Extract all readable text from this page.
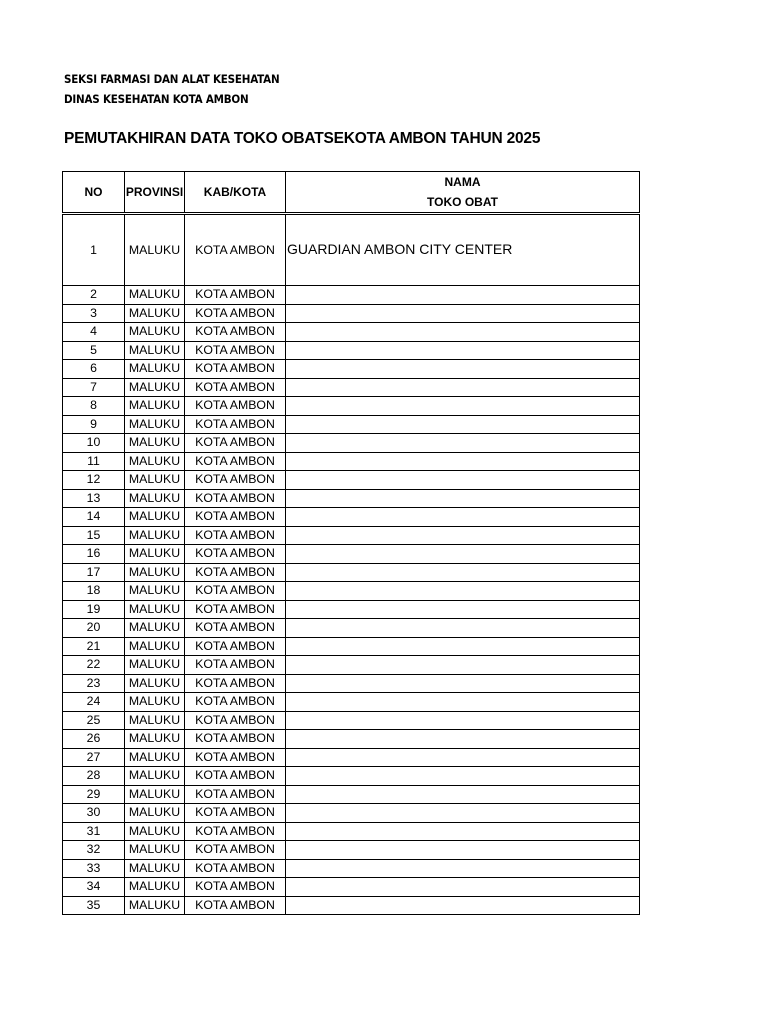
SEKSI FARMASI DAN ALAT KESEHATAN
DINAS KESEHATAN KOTA AMBON
PEMUTAKHIRAN DATA TOKO OBATSEKOTA AMBON TAHUN 2025
NO	PROVINSI	KAB/KOTA	NAMA
TOKO OBAT

1	MALUKU	KOTA AMBON	GUARDIAN AMBON CITY CENTER
2	MALUKU	KOTA AMBON	
3	MALUKU	KOTA AMBON	
4	MALUKU	KOTA AMBON	
5	MALUKU	KOTA AMBON	
6	MALUKU	KOTA AMBON	
7	MALUKU	KOTA AMBON	
8	MALUKU	KOTA AMBON	
9	MALUKU	KOTA AMBON	
10	MALUKU	KOTA AMBON	
11	MALUKU	KOTA AMBON	
12	MALUKU	KOTA AMBON	
13	MALUKU	KOTA AMBON	
14	MALUKU	KOTA AMBON	
15	MALUKU	KOTA AMBON	
16	MALUKU	KOTA AMBON	
17	MALUKU	KOTA AMBON	
18	MALUKU	KOTA AMBON	
19	MALUKU	KOTA AMBON	
20	MALUKU	KOTA AMBON	
21	MALUKU	KOTA AMBON	
22	MALUKU	KOTA AMBON	
23	MALUKU	KOTA AMBON	
24	MALUKU	KOTA AMBON	
25	MALUKU	KOTA AMBON	
26	MALUKU	KOTA AMBON	
27	MALUKU	KOTA AMBON	
28	MALUKU	KOTA AMBON	
29	MALUKU	KOTA AMBON	
30	MALUKU	KOTA AMBON	
31	MALUKU	KOTA AMBON	
32	MALUKU	KOTA AMBON	
33	MALUKU	KOTA AMBON	
34	MALUKU	KOTA AMBON	
35	MALUKU	KOTA AMBON	
